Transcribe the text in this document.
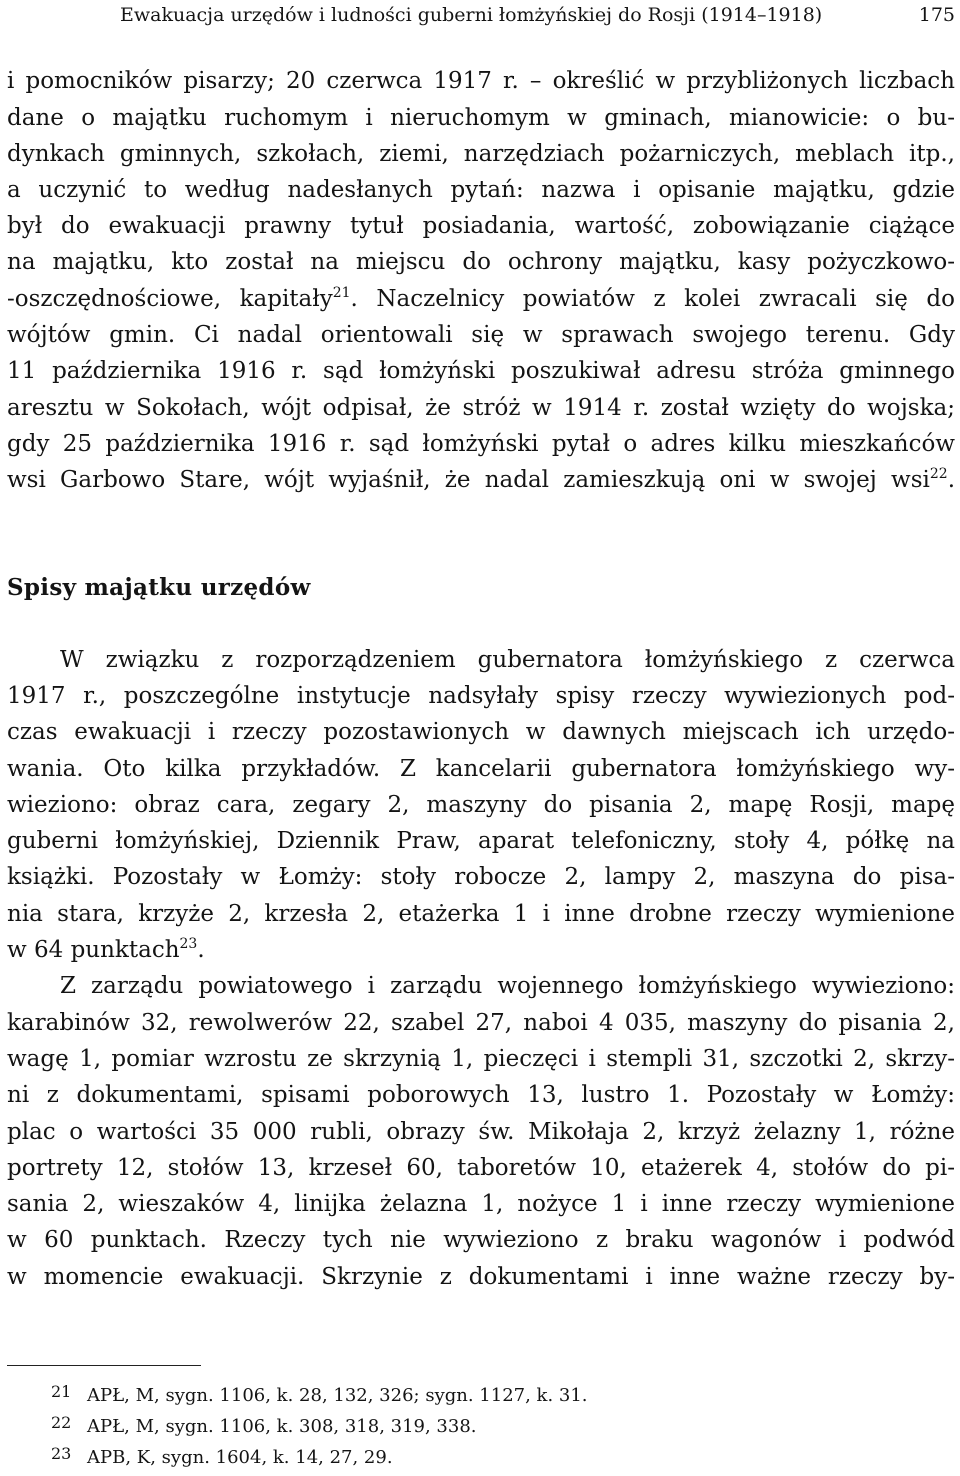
Ewakuacja urzędów i ludności guberni łomżyńskiej do Rosji (1914–1918)	175
i pomocników pisarzy; 20 czerwca 1917 r. – określić w przybliżonych liczbach
dane o majątku ruchomym i nieruchomym w gminach, mianowicie: o bu-
dynkach gminnych, szkołach, ziemi, narzędziach pożarniczych, meblach itp.,
a uczynić to według nadesłanych pytań: nazwa i opisanie majątku, gdzie
był do ewakuacji prawny tytuł posiadania, wartość, zobowiązanie ciążące
na majątku, kto został na miejscu do ochrony majątku, kasy pożyczkowo-
-oszczędnościowe, kapitały$^{21}$. Naczelnicy powiatów z kolei zwracali się do
wójtów gmin. Ci nadal orientowali się w sprawach swojego terenu. Gdy
11 października 1916 r. sąd łomżyński poszukiwał adresu stróża gminnego
aresztu w Sokołach, wójt odpisał, że stróż w 1914 r. został wzięty do wojska;
gdy 25 października 1916 r. sąd łomżyński pytał o adres kilku mieszkańców
wsi Garbowo Stare, wójt wyjaśnił, że nadal zamieszkują oni w swojej wsi$^{22}$.
Spisy majątku urzędów
W związku z rozporządzeniem gubernatora łomżyńskiego z czerwca
1917 r., poszczególne instytucje nadsyłały spisy rzeczy wywiezionych pod-
czas ewakuacji i rzeczy pozostawionych w dawnych miejscach ich urzędo-
wania. Oto kilka przykładów. Z kancelarii gubernatora łomżyńskiego wy-
wieziono: obraz cara, zegary 2, maszyny do pisania 2, mapę Rosji, mapę
guberni łomżyńskiej, Dziennik Praw, aparat telefoniczny, stoły 4, półkę na
książki. Pozostały w Łomży: stoły robocze 2, lampy 2, maszyna do pisa-
nia stara, krzyże 2, krzesła 2, etażerka 1 i inne drobne rzeczy wymienione
w 64 punktach$^{23}$.
Z zarządu powiatowego i zarządu wojennego łomżyńskiego wywieziono:
karabinów 32, rewolwerów 22, szabel 27, naboi 4 035, maszyny do pisania 2,
wagę 1, pomiar wzrostu ze skrzynią 1, pieczęci i stempli 31, szczotki 2, skrzy-
ni z dokumentami, spisami poborowych 13, lustro 1. Pozostały w Łomży:
plac o wartości 35 000 rubli, obrazy św. Mikołaja 2, krzyż żelazny 1, różne
portrety 12, stołów 13, krzeseł 60, taboretów 10, etażerek 4, stołów do pi-
sania 2, wieszaków 4, linijka żelazna 1, nożyce 1 i inne rzeczy wymienione
w 60 punktach. Rzeczy tych nie wywieziono z braku wagonów i podwód
w momencie ewakuacji. Skrzynie z dokumentami i inne ważne rzeczy by-
21 APŁ, M, sygn. 1106, k. 28, 132, 326; sygn. 1127, k. 31.
22 APŁ, M, sygn. 1106, k. 308, 318, 319, 338.
23 APB, K, sygn. 1604, k. 14, 27, 29.
